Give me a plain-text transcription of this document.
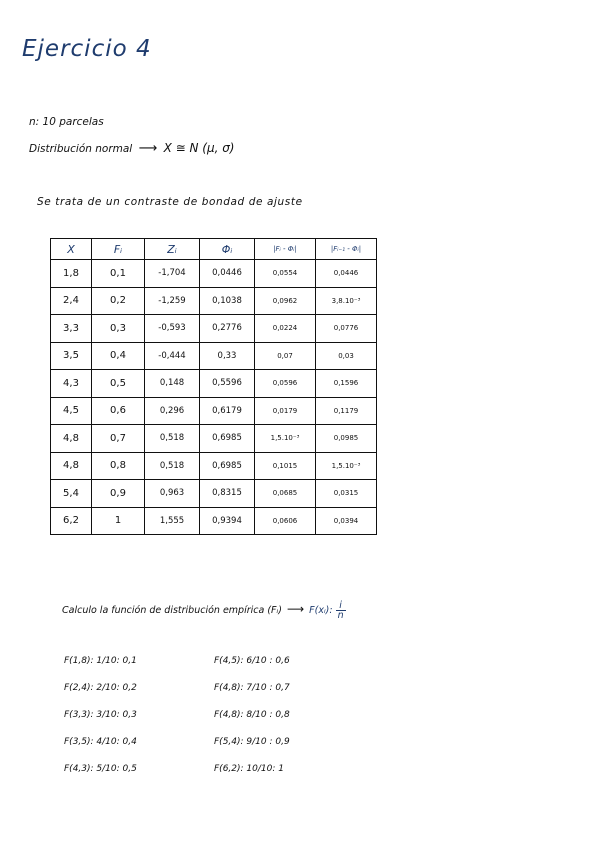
Ejercicio 4
n: 10 parcelas
Distribución normal ⟶ X ≅ N (μ, σ)
Se trata de un contraste de bondad de ajuste
X	Fᵢ	Zᵢ	Φᵢ	|Fᵢ - Φᵢ|	|Fᵢ₋₁ - Φᵢ|
1,8	0,1	-1,704	0,0446	0,0554	0,0446
2,4	0,2	-1,259	0,1038	0,0962	3,8.10⁻³
3,3	0,3	-0,593	0,2776	0,0224	0,0776
3,5	0,4	-0,444	0,33	0,07	0,03
4,3	0,5	0,148	0,5596	0,0596	0,1596
4,5	0,6	0,296	0,6179	0,0179	0,1179
4,8	0,7	0,518	0,6985	1,5.10⁻³	0,0985
4,8	0,8	0,518	0,6985	0,1015	1,5.10⁻³
5,4	0,9	0,963	0,8315	0,0685	0,0315
6,2	1	1,555	0,9394	0,0606	0,0394
Calculo la función de distribución empírica (Fᵢ) ⟶ F(xᵢ): $\frac{i}{n}$
F(1,8): 1/10: 0,1
F(2,4): 2/10: 0,2
F(3,3): 3/10: 0,3
F(3,5): 4/10: 0,4
F(4,3): 5/10: 0,5
F(4,5): 6/10 : 0,6
F(4,8): 7/10 : 0,7
F(4,8): 8/10 : 0,8
F(5,4): 9/10 : 0,9
F(6,2): 10/10: 1
